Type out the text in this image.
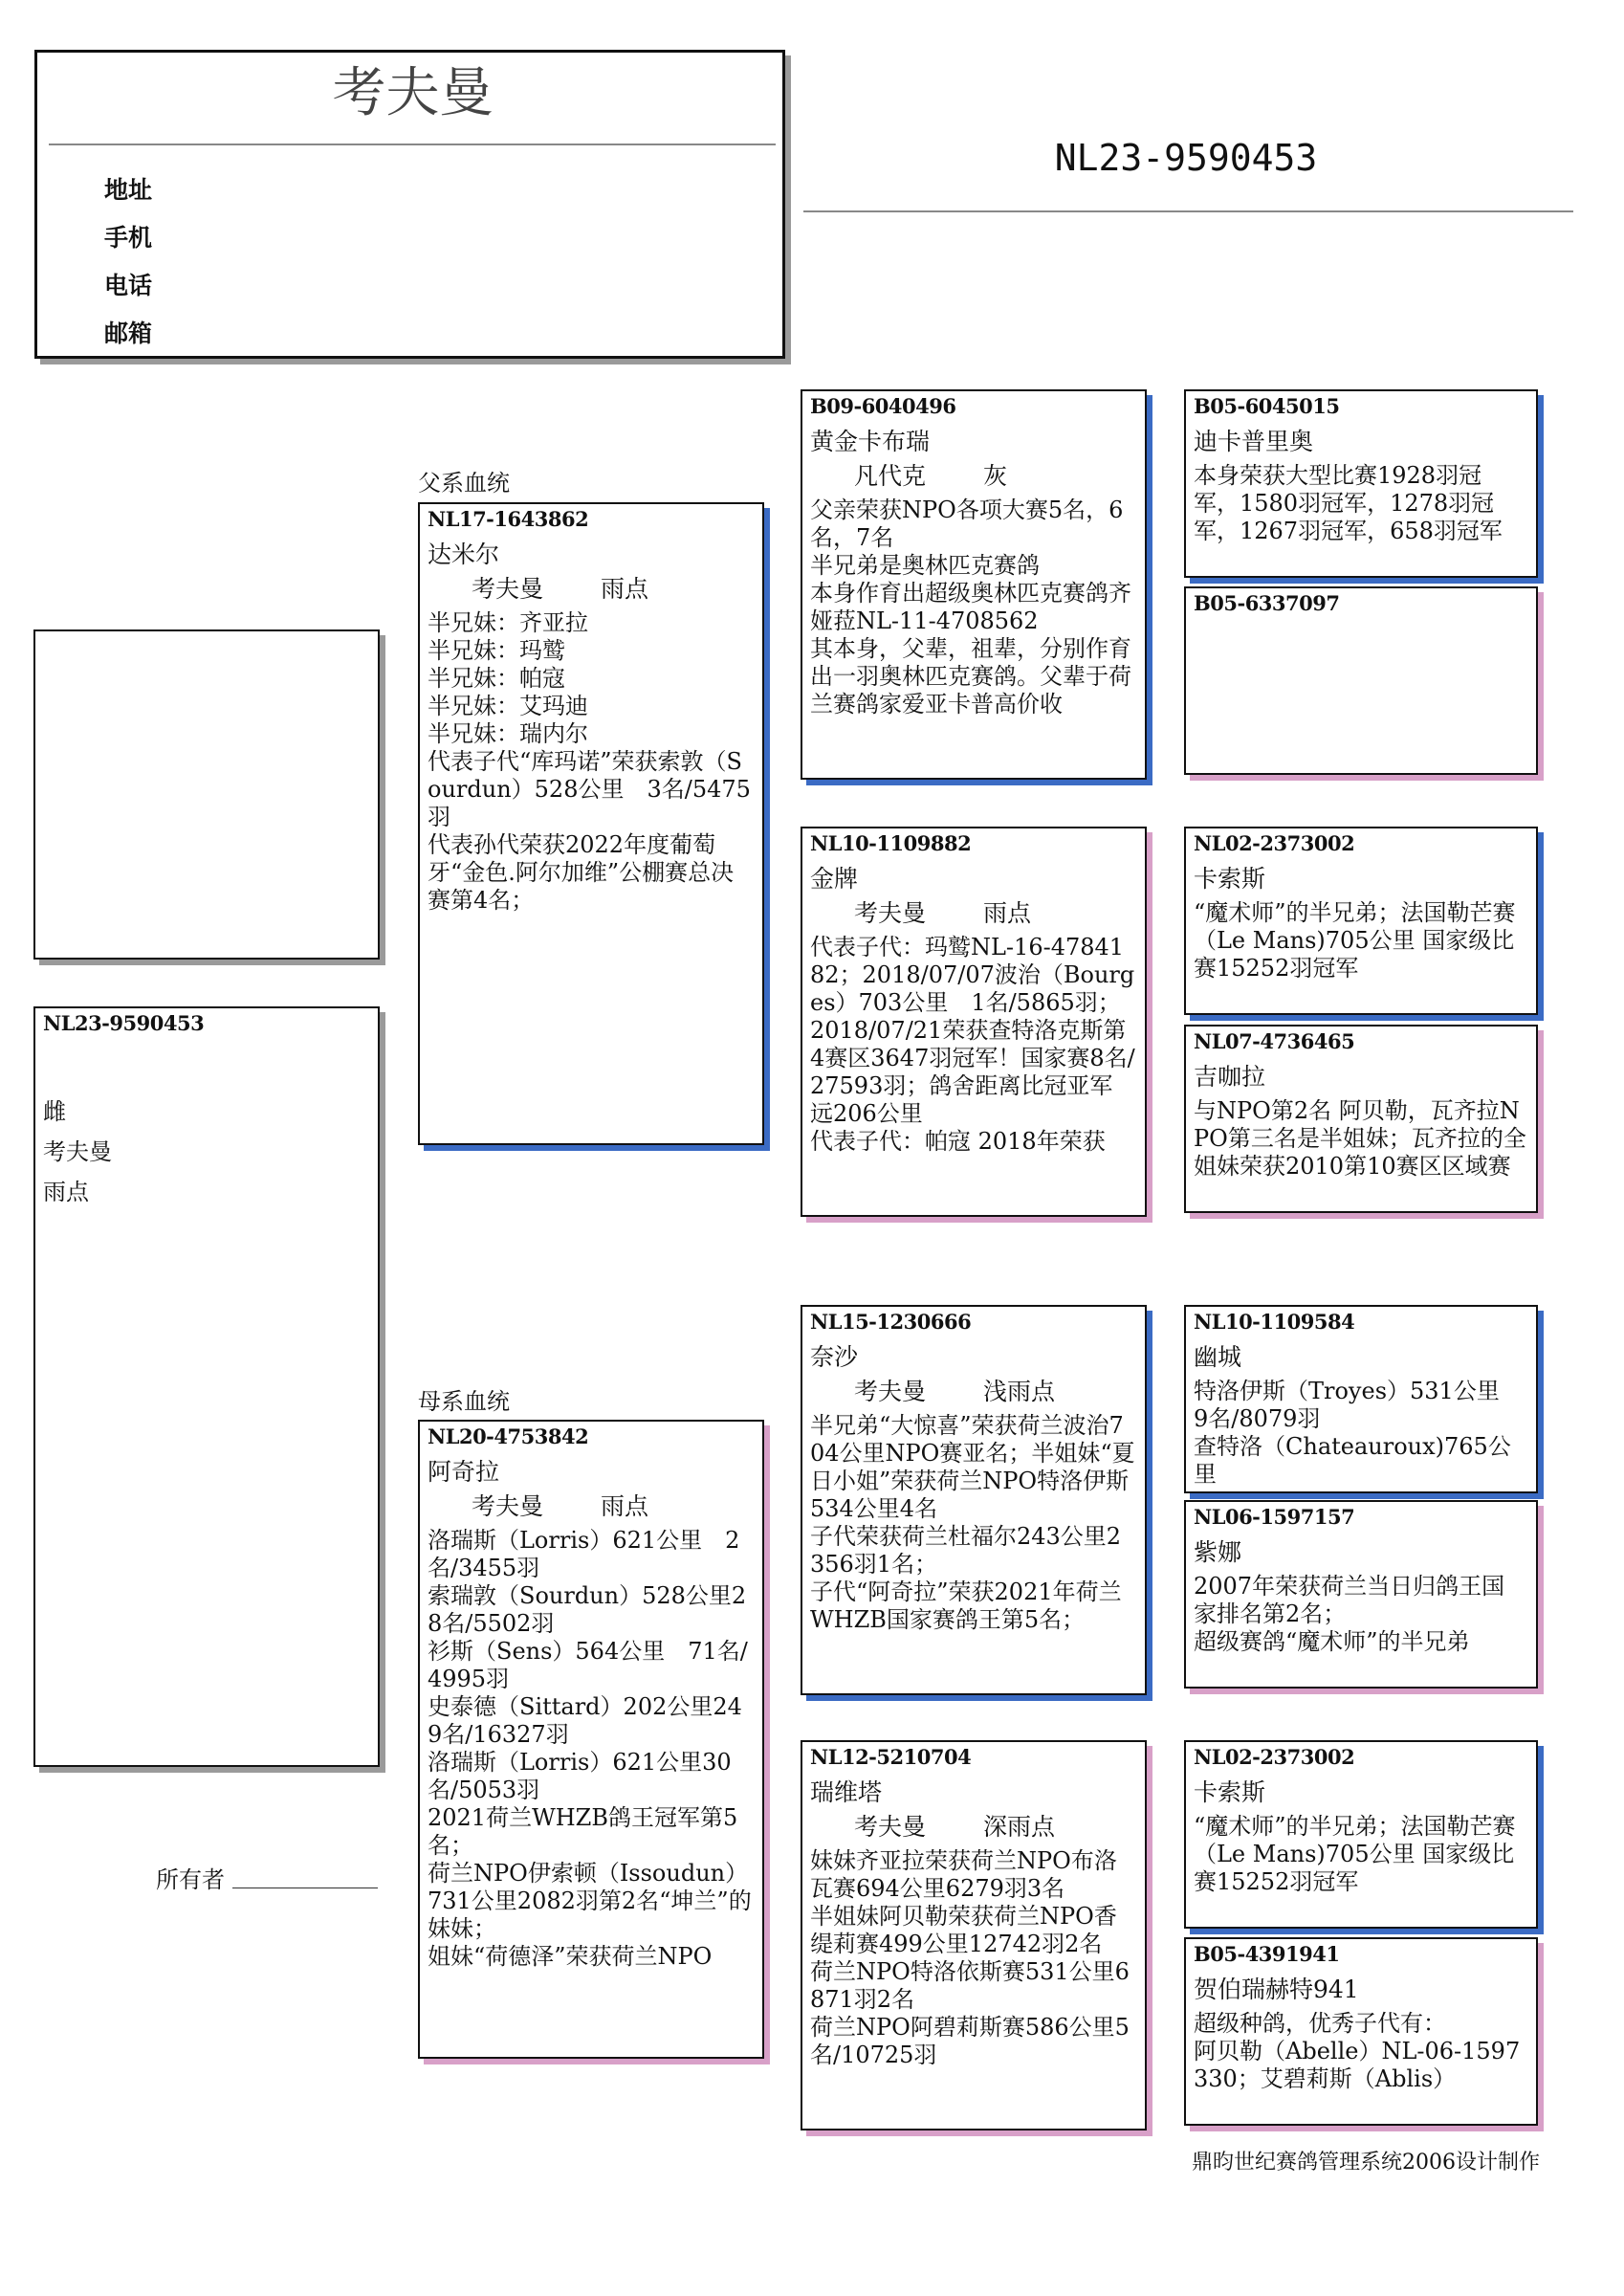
考夫曼
地址
手机
电话
邮箱
NL23-9590453
NL23-9590453
雌
考夫曼
雨点
所有者
父系血统
NL17-1643862
达米尔
考夫曼 雨点
半兄妹：齐亚拉
半兄妹：玛鹫
半兄妹：帕寇
半兄妹：艾玛迪
半兄妹：瑞内尔
代表子代“库玛诺”荣获索敦（Sourdun）528公里　3名/5475羽
代表孙代荣获2022年度葡萄牙“金色.阿尔加维”公棚赛总决赛第4名；
母系血统
NL20-4753842
阿奇拉
考夫曼 雨点
洛瑞斯（Lorris）621公里　2名/3455羽
索瑞敦（Sourdun）528公里28名/5502羽
衫斯（Sens）564公里　71名/4995羽
史泰德（Sittard）202公里249名/16327羽
洛瑞斯（Lorris）621公里30名/5053羽
2021荷兰WHZB鸽王冠军第5名；
荷兰NPO伊索顿（Issoudun）731公里2082羽第2名“坤兰”的妹妹；
姐妹“荷德泽”荣获荷兰NPO
B09-6040496
黄金卡布瑞
凡代克 灰
父亲荣获NPO各项大赛5名，6名，7名
半兄弟是奥林匹克赛鸽
本身作育出超级奥林匹克赛鸽齐娅菈NL-11-4708562
其本身，父辈，祖辈，分别作育出一羽奥林匹克赛鸽。父辈于荷兰赛鸽家爱亚卡普高价收
NL10-1109882
金牌
考夫曼 雨点
代表子代：玛鹫NL-16-4784182；2018/07/07波治（Bourges）703公里　1名/5865羽；2018/07/21荣获查特洛克斯第4赛区3647羽冠军！国家赛8名/27593羽；鸽舍距离比冠亚军远206公里
代表子代：帕寇 2018年荣获
NL15-1230666
奈沙
考夫曼 浅雨点
半兄弟“大惊喜”荣获荷兰波治704公里NPO赛亚名；半姐妹“夏日小姐”荣获荷兰NPO特洛伊斯534公里4名
子代荣获荷兰杜福尔243公里2356羽1名；
子代“阿奇拉”荣获2021年荷兰WHZB国家赛鸽王第5名；
NL12-5210704
瑞维塔
考夫曼 深雨点
妹妹齐亚拉荣获荷兰NPO布洛瓦赛694公里6279羽3名
半姐妹阿贝勒荣获荷兰NPO香缇莉赛499公里12742羽2名
荷兰NPO特洛依斯赛531公里6871羽2名
荷兰NPO阿碧莉斯赛586公里5名/10725羽
B05-6045015
迪卡普里奥
本身荣获大型比赛1928羽冠军，1580羽冠军，1278羽冠军，1267羽冠军，658羽冠军
B05-6337097
NL02-2373002
卡索斯
“魔术师”的半兄弟；法国勒芒赛（Le Mans)705公里 国家级比赛15252羽冠军
NL07-4736465
吉咖拉
与NPO第2名 阿贝勒，瓦齐拉NPO第三名是半姐妹；瓦齐拉的全姐妹荣获2010第10赛区区域赛
NL10-1109584
幽城
特洛伊斯（Troyes）531公里　9名/8079羽
查特洛（Chateauroux)765公里
NL06-1597157
紫娜
2007年荣获荷兰当日归鸽王国家排名第2名；
超级赛鸽“魔术师”的半兄弟
NL02-2373002
卡索斯
“魔术师”的半兄弟；法国勒芒赛（Le Mans)705公里 国家级比赛15252羽冠军
B05-4391941
贺伯瑞赫特941
超级种鸽，优秀子代有：
阿贝勒（Abelle）NL-06-1597330；艾碧莉斯（Ablis）
鼎昀世纪赛鸽管理系统2006设计制作
